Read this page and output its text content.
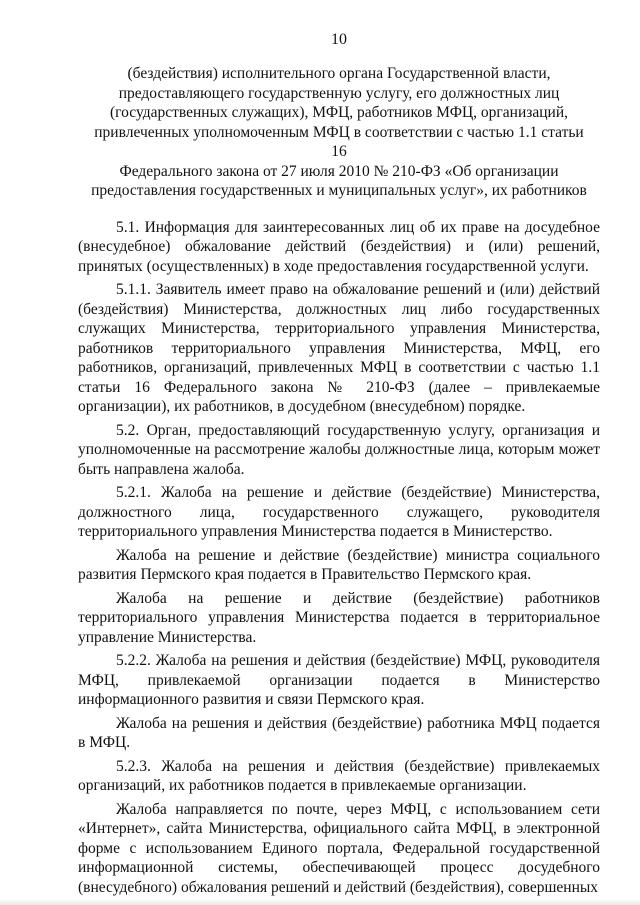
10
(бездействия) исполнительного органа Государственной власти,
предоставляющего государственную услугу, его должностных лиц
(государственных служащих), МФЦ, работников МФЦ, организаций,
привлеченных уполномоченным МФЦ в соответствии с частью 1.1 статьи 16
Федерального закона от 27 июля 2010 № 210-ФЗ «Об организации
предоставления государственных и муниципальных услуг», их работников

5.1. Информация для заинтересованных лиц об их праве на досудебное (внесудебное) обжалование действий (бездействия) и (или) решений, принятых (осуществленных) в ходе предоставления государственной услуги.

5.1.1. Заявитель имеет право на обжалование решений и (или) действий (бездействия) Министерства, должностных лиц либо государственных служащих Министерства, территориального управления Министерства, работников территориального управления Министерства, МФЦ, его работников, организаций, привлеченных МФЦ в соответствии с частью 1.1 статьи 16 Федерального закона № 210-ФЗ (далее – привлекаемые организации), их работников, в досудебном (внесудебном) порядке.

5.2. Орган, предоставляющий государственную услугу, организация и уполномоченные на рассмотрение жалобы должностные лица, которым может быть направлена жалоба.

5.2.1. Жалоба на решение и действие (бездействие) Министерства, должностного лица, государственного служащего, руководителя территориального управления Министерства подается в Министерство.

Жалоба на решение и действие (бездействие) министра социального развития Пермского края подается в Правительство Пермского края.

Жалоба на решение и действие (бездействие) работников территориального управления Министерства подается в территориальное управление Министерства.

5.2.2. Жалоба на решения и действия (бездействие) МФЦ, руководителя МФЦ, привлекаемой организации подается в Министерство информационного развития и связи Пермского края.

Жалоба на решения и действия (бездействие) работника МФЦ подается в МФЦ.

5.2.3. Жалоба на решения и действия (бездействие) привлекаемых организаций, их работников подается в привлекаемые организации.

Жалоба направляется по почте, через МФЦ, с использованием сети «Интернет», сайта Министерства, официального сайта МФЦ, в электронной форме с использованием Единого портала, Федеральной государственной информационной системы, обеспечивающей процесс досудебного (внесудебного) обжалования решений и действий (бездействия), совершенных
